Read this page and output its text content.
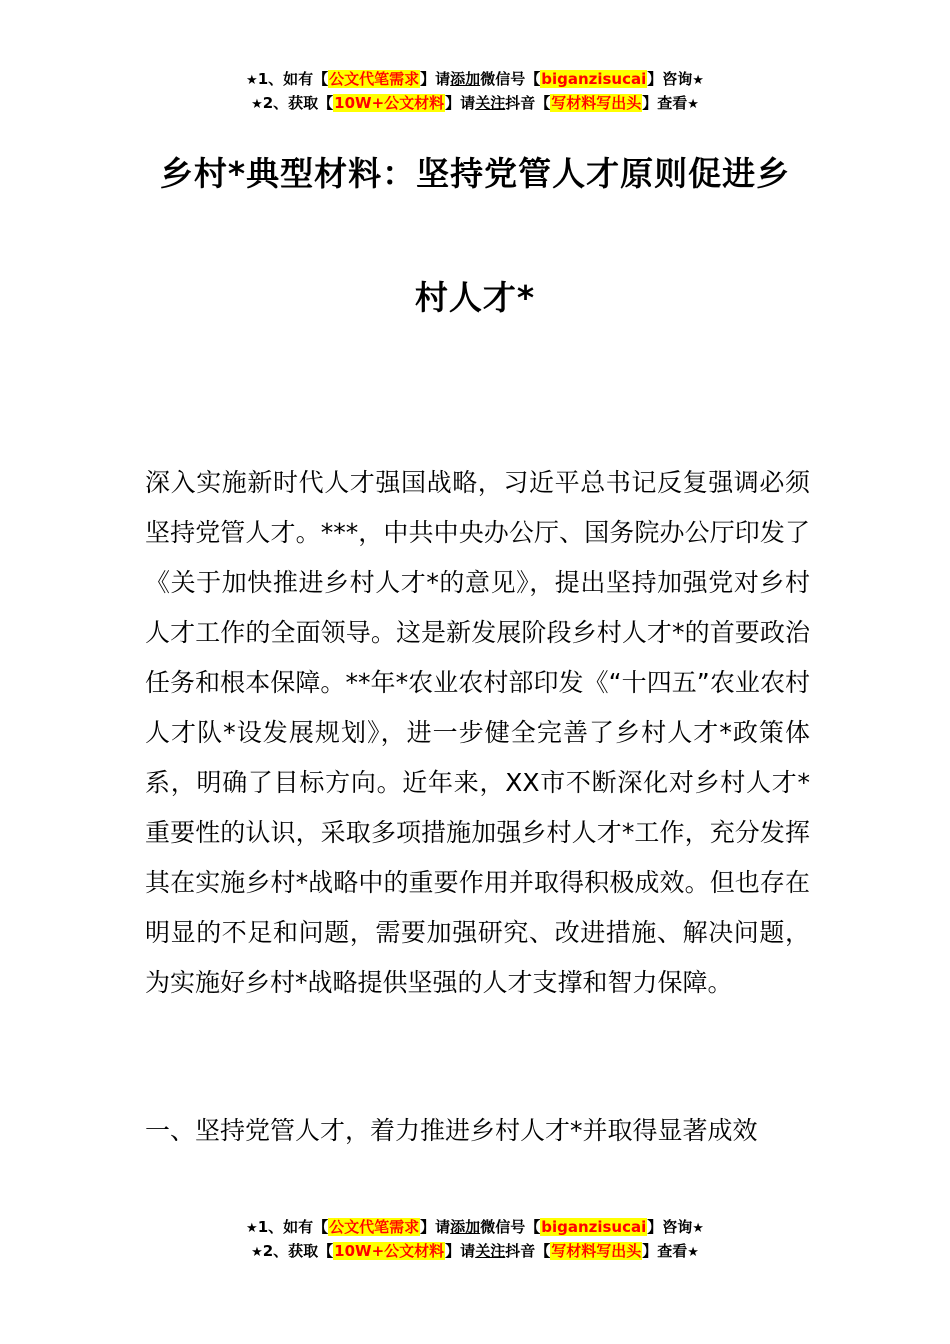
★1、如有【公文代笔需求】请添加微信号【biganzisucai】咨询★
★2、获取【10W+公文材料】请关注抖音【写材料写出头】查看★
乡村*典型材料：坚持党管人才原则促进乡
村人才*
深入实施新时代人才强国战略，习近平总书记反复强调必须坚持党管人才。***，中共中央办公厅、国务院办公厅印发了《关于加快推进乡村人才*的意见》，提出坚持加强党对乡村人才工作的全面领导。这是新发展阶段乡村人才*的首要政治任务和根本保障。**年*农业农村部印发《“十四五”农业农村人才队*设发展规划》，进一步健全完善了乡村人才*政策体系，明确了目标方向。近年来，XX市不断深化对乡村人才*重要性的认识，采取多项措施加强乡村人才*工作，充分发挥其在实施乡村*战略中的重要作用并取得积极成效。但也存在明显的不足和问题，需要加强研究、改进措施、解决问题，为实施好乡村*战略提供坚强的人才支撑和智力保障。
一、坚持党管人才，着力推进乡村人才*并取得显著成效
★1、如有【公文代笔需求】请添加微信号【biganzisucai】咨询★
★2、获取【10W+公文材料】请关注抖音【写材料写出头】查看★
